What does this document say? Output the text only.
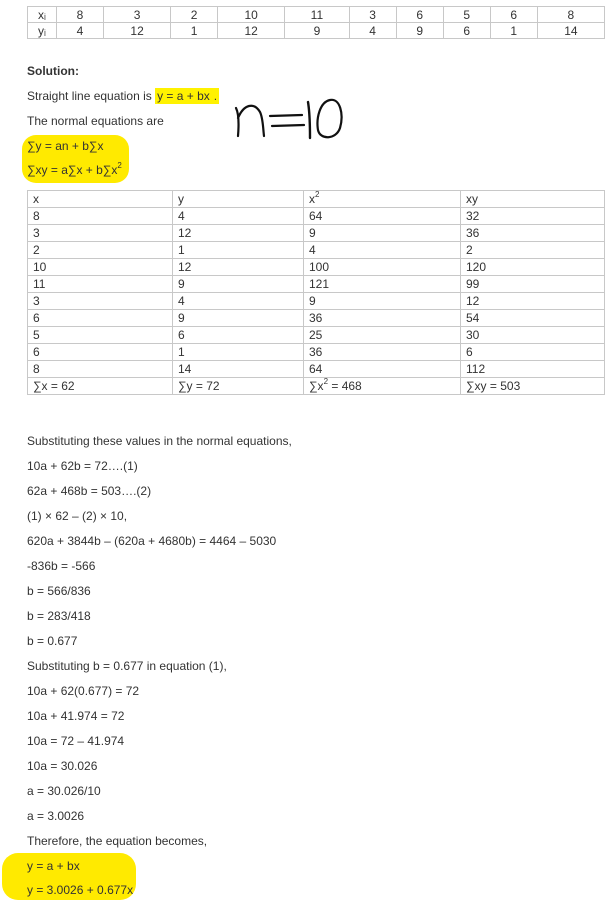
xᵢ	8	3	2	10	11	3	6	5	6	8
yᵢ	4	12	1	12	9	4	9	6	1	14
Solution:
Straight line equation is y = a + bx .
The normal equations are
∑y = an + b∑x
$\sum xy = a\sum x + b\sum x^2$
x	y	$x^2$	xy
8	4	64	32
3	12	9	36
2	1	4	2
10	12	100	120
11	9	121	99
3	4	9	12
6	9	36	54
5	6	25	30
6	1	36	6
8	14	64	112
∑x = 62	∑y = 72	$\sum x^2 = 468$	∑xy = 503
Substituting these values in the normal equations,
10a + 62b = 72….(1)
62a + 468b = 503….(2)
(1) × 62 – (2) × 10,
620a + 3844b – (620a + 4680b) = 4464 – 5030
-836b = -566
b = 566/836
b = 283/418
b = 0.677
Substituting b = 0.677 in equation (1),
10a + 62(0.677) = 72
10a + 41.974 = 72
10a = 72 – 41.974
10a = 30.026
a = 30.026/10
a = 3.0026
Therefore, the equation becomes,
y = a + bx
y = 3.0026 + 0.677x
